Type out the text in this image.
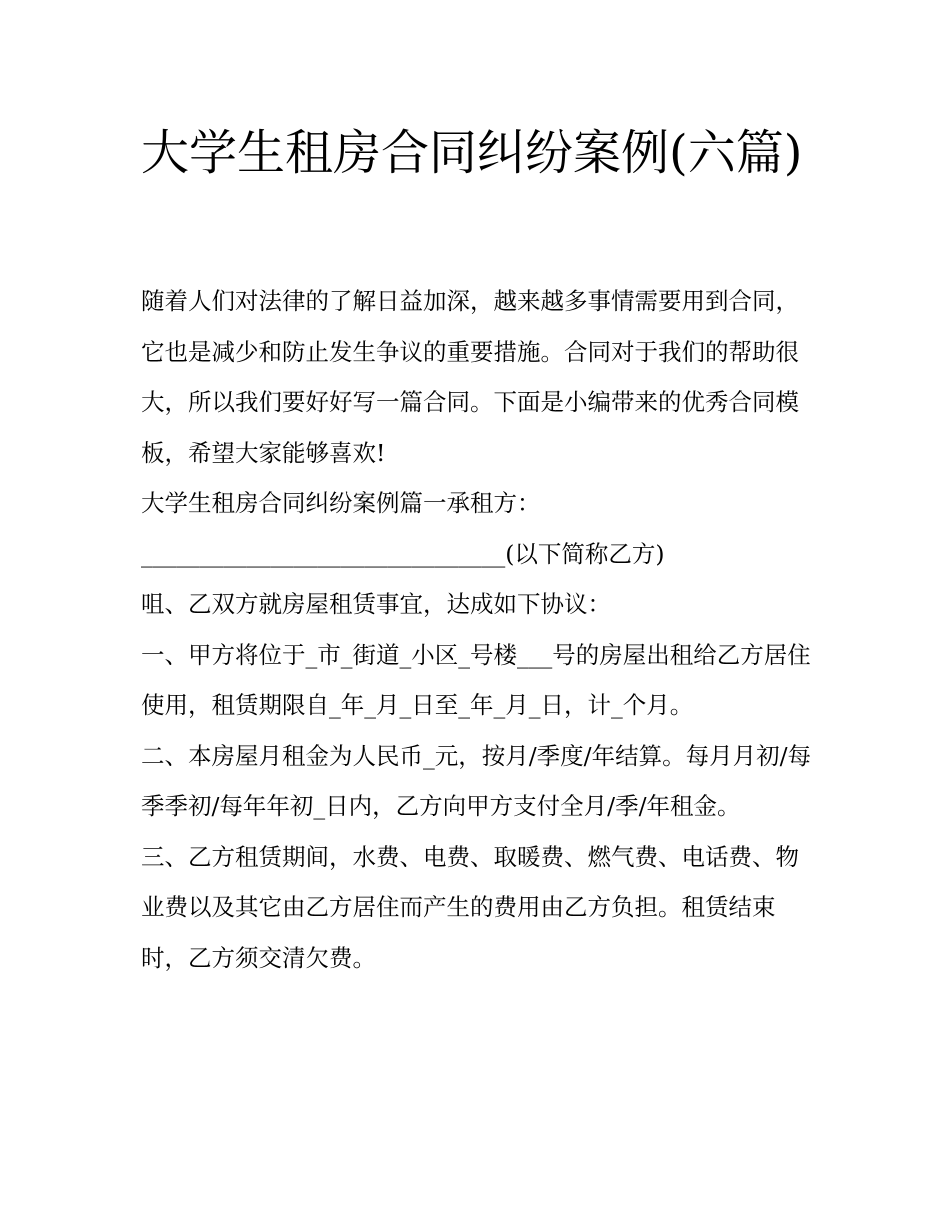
大学生租房合同纠纷案例(六篇)

随着人们对法律的了解日益加深，越来越多事情需要用到合同，它也是减少和防止发生争议的重要措施。合同对于我们的帮助很大，所以我们要好好写一篇合同。下面是小编带来的优秀合同模板，希望大家能够喜欢!

大学生租房合同纠纷案例篇一承租方：

_______________________________(以下简称乙方)

咀、乙双方就房屋租赁事宜，达成如下协议：

一、甲方将位于_市_街道_小区_号楼___号的房屋出租给乙方居住使用，租赁期限自_年_月_日至_年_月_日，计_个月。

二、本房屋月租金为人民币_元，按月/季度/年结算。每月月初/每季季初/每年年初_日内，乙方向甲方支付全月/季/年租金。

三、乙方租赁期间，水费、电费、取暖费、燃气费、电话费、物业费以及其它由乙方居住而产生的费用由乙方负担。租赁结束时，乙方须交清欠费。
